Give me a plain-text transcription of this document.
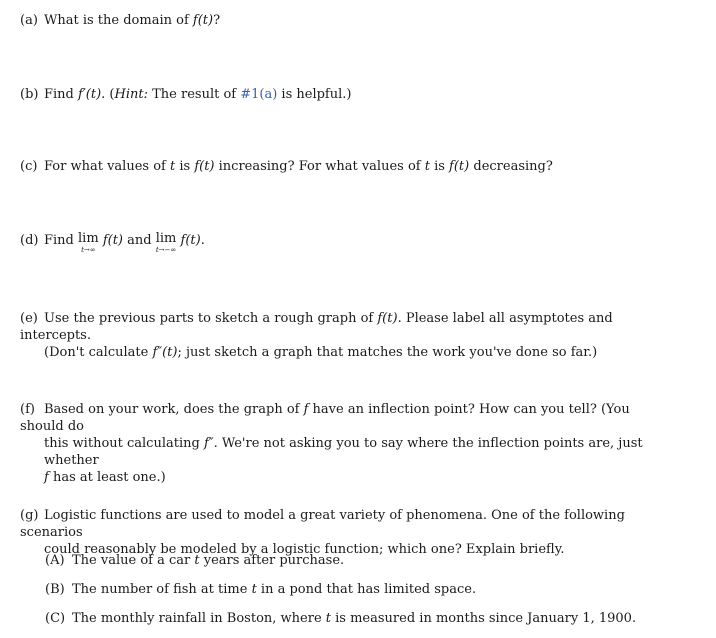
(a) What is the domain of f(t)?
(b) Find f′(t). (Hint: The result of #1(a) is helpful.)
(c) For what values of t is f(t) increasing? For what values of t is f(t) decreasing?
(d) Find lim
t→∞
f(t) and lim
t→−∞
f(t).
(e) Use the previous parts to sketch a rough graph of f(t). Please label all asymptotes and intercepts.
(Don't calculate f″(t); just sketch a graph that matches the work you've done so far.)
(f) Based on your work, does the graph of f have an inflection point? How can you tell? (You should do
this without calculating f″. We're not asking you to say where the inflection points are, just whether
f has at least one.)
(g) Logistic functions are used to model a great variety of phenomena. One of the following scenarios
could reasonably be modeled by a logistic function; which one? Explain briefly.
(A) The value of a car t years after purchase.
(B) The number of fish at time t in a pond that has limited space.
(C) The monthly rainfall in Boston, where t is measured in months since January 1, 1900.
